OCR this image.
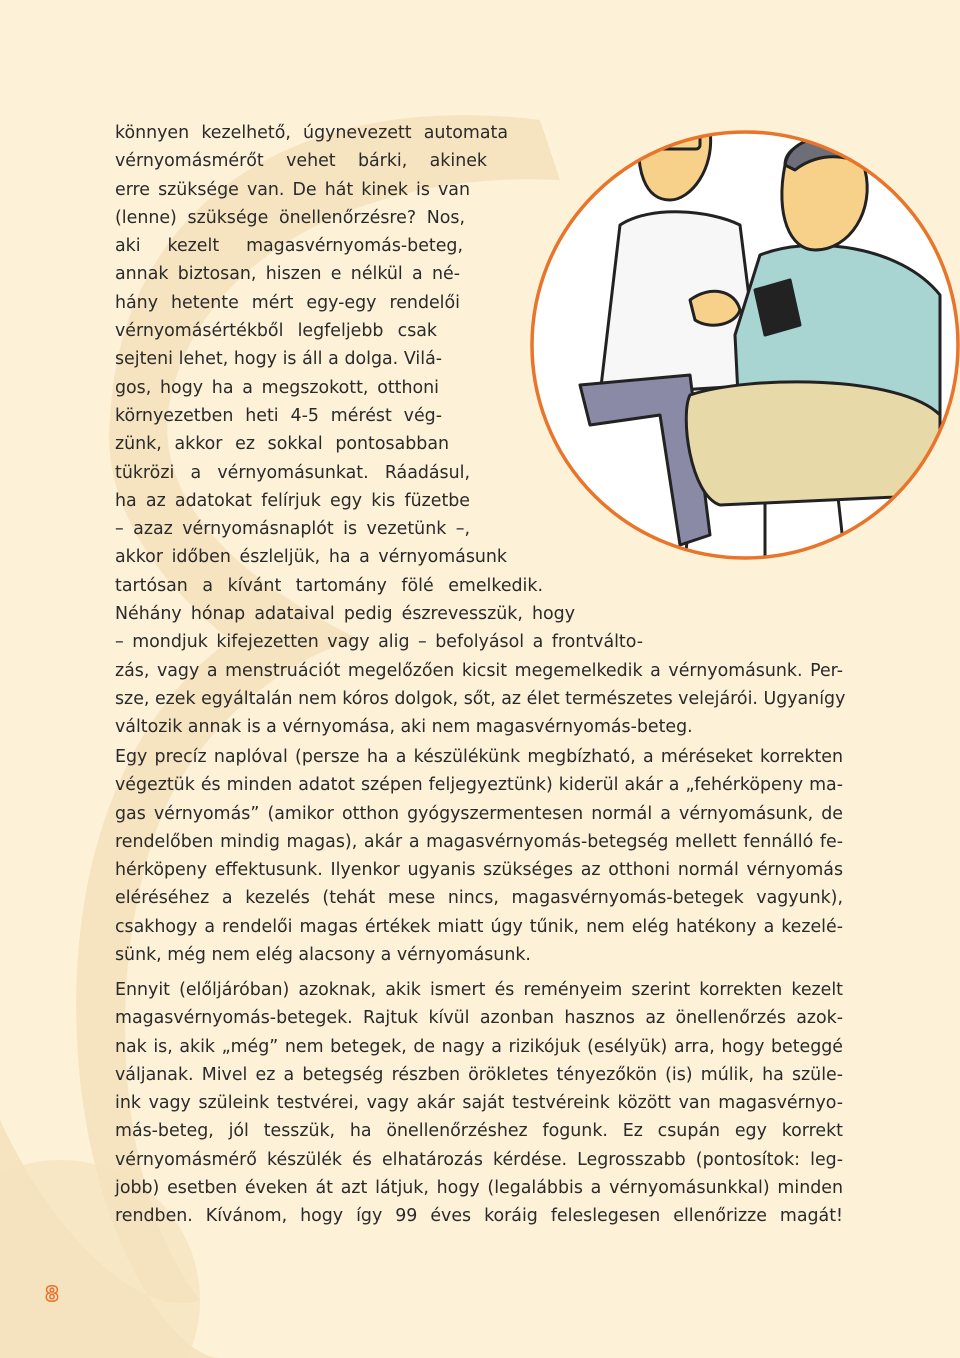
könnyen kezelhető, úgynevezett automata
vérnyomásmérőt vehet bárki, akinek
erre szüksége van. De hát kinek is van
(lenne) szüksége önellenőrzésre? Nos,
aki kezelt magasvérnyomás-beteg,
annak biztosan, hiszen e nélkül a né-
hány hetente mért egy-egy rendelői
vérnyomásértékből legfeljebb csak
sejteni lehet, hogy is áll a dolga. Vilá-
gos, hogy ha a megszokott, otthoni
környezetben heti 4-5 mérést vég-
zünk, akkor ez sokkal pontosabban
tükrözi a vérnyomásunkat. Ráadásul,
ha az adatokat felírjuk egy kis füzetbe
– azaz vérnyomásnaplót is vezetünk –,
akkor időben észleljük, ha a vérnyomásunk
tartósan a kívánt tartomány fölé emelkedik.
Néhány hónap adataival pedig észrevesszük, hogy
– mondjuk kifejezetten vagy alig – befolyásol a frontválto-
zás, vagy a menstruációt megelőzően kicsit megemelkedik a vérnyomásunk. Per-
sze, ezek egyáltalán nem kóros dolgok, sőt, az élet természetes velejárói. Ugyanígy
változik annak is a vérnyomása, aki nem magasvérnyomás-beteg.
Egy precíz naplóval (persze ha a készülékünk megbízható, a méréseket korrekten
végeztük és minden adatot szépen feljegyeztünk) kiderül akár a „fehérköpeny ma-
gas vérnyomás” (amikor otthon gyógyszermentesen normál a vérnyomásunk, de
rendelőben mindig magas), akár a magasvérnyomás-betegség mellett fennálló fe-
hérköpeny effektusunk. Ilyenkor ugyanis szükséges az otthoni normál vérnyomás
eléréséhez a kezelés (tehát mese nincs, magasvérnyomás-betegek vagyunk),
csakhogy a rendelői magas értékek miatt úgy tűnik, nem elég hatékony a kezelé-
sünk, még nem elég alacsony a vérnyomásunk.
Ennyit (előljáróban) azoknak, akik ismert és reményeim szerint korrekten kezelt
magasvérnyomás-betegek. Rajtuk kívül azonban hasznos az önellenőrzés azok-
nak is, akik „még” nem betegek, de nagy a rizikójuk (esélyük) arra, hogy beteggé
váljanak. Mivel ez a betegség részben örökletes tényezőkön (is) múlik, ha szüle-
ink vagy szüleink testvérei, vagy akár saját testvéreink között van magasvérnyo-
más-beteg, jól tesszük, ha önellenőrzéshez fogunk. Ez csupán egy korrekt
vérnyomásmérő készülék és elhatározás kérdése. Legrosszabb (pontosítok: leg-
jobb) esetben éveken át azt látjuk, hogy (legalábbis a vérnyomásunkkal) minden
rendben. Kívánom, hogy így 99 éves koráig feleslegesen ellenőrizze magát!
8
